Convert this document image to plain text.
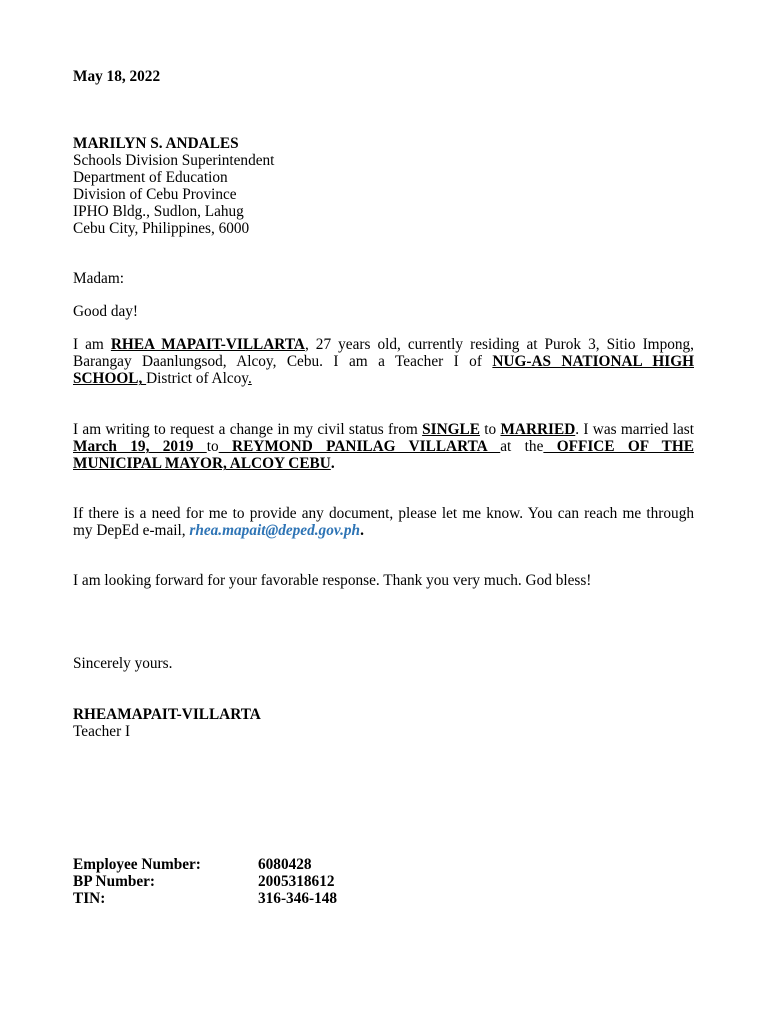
May 18, 2022
MARILYN S. ANDALES
Schools Division Superintendent
Department of Education
Division of Cebu Province
IPHO Bldg., Sudlon, Lahug
Cebu City, Philippines, 6000
Madam:
Good day!
I am RHEA MAPAIT-VILLARTA, 27 years old, currently residing at Purok 3, Sitio Impong,
Barangay Daanlungsod, Alcoy, Cebu. I am a Teacher I of NUG-AS NATIONAL HIGH
SCHOOL, District of Alcoy.
I am writing to request a change in my civil status from SINGLE to MARRIED. I was married last
March 19, 2019 to REYMOND PANILAG VILLARTA at the OFFICE OF THE
MUNICIPAL MAYOR, ALCOY CEBU.
If there is a need for me to provide any document, please let me know. You can reach me through
my DepEd e-mail, rhea.mapait@deped.gov.ph.
I am looking forward for your favorable response. Thank you very much. God bless!
Sincerely yours.
RHEAMAPAIT-VILLARTA
Teacher I
Employee Number:	6080428
BP Number:	2005318612
TIN:	316-346-148
